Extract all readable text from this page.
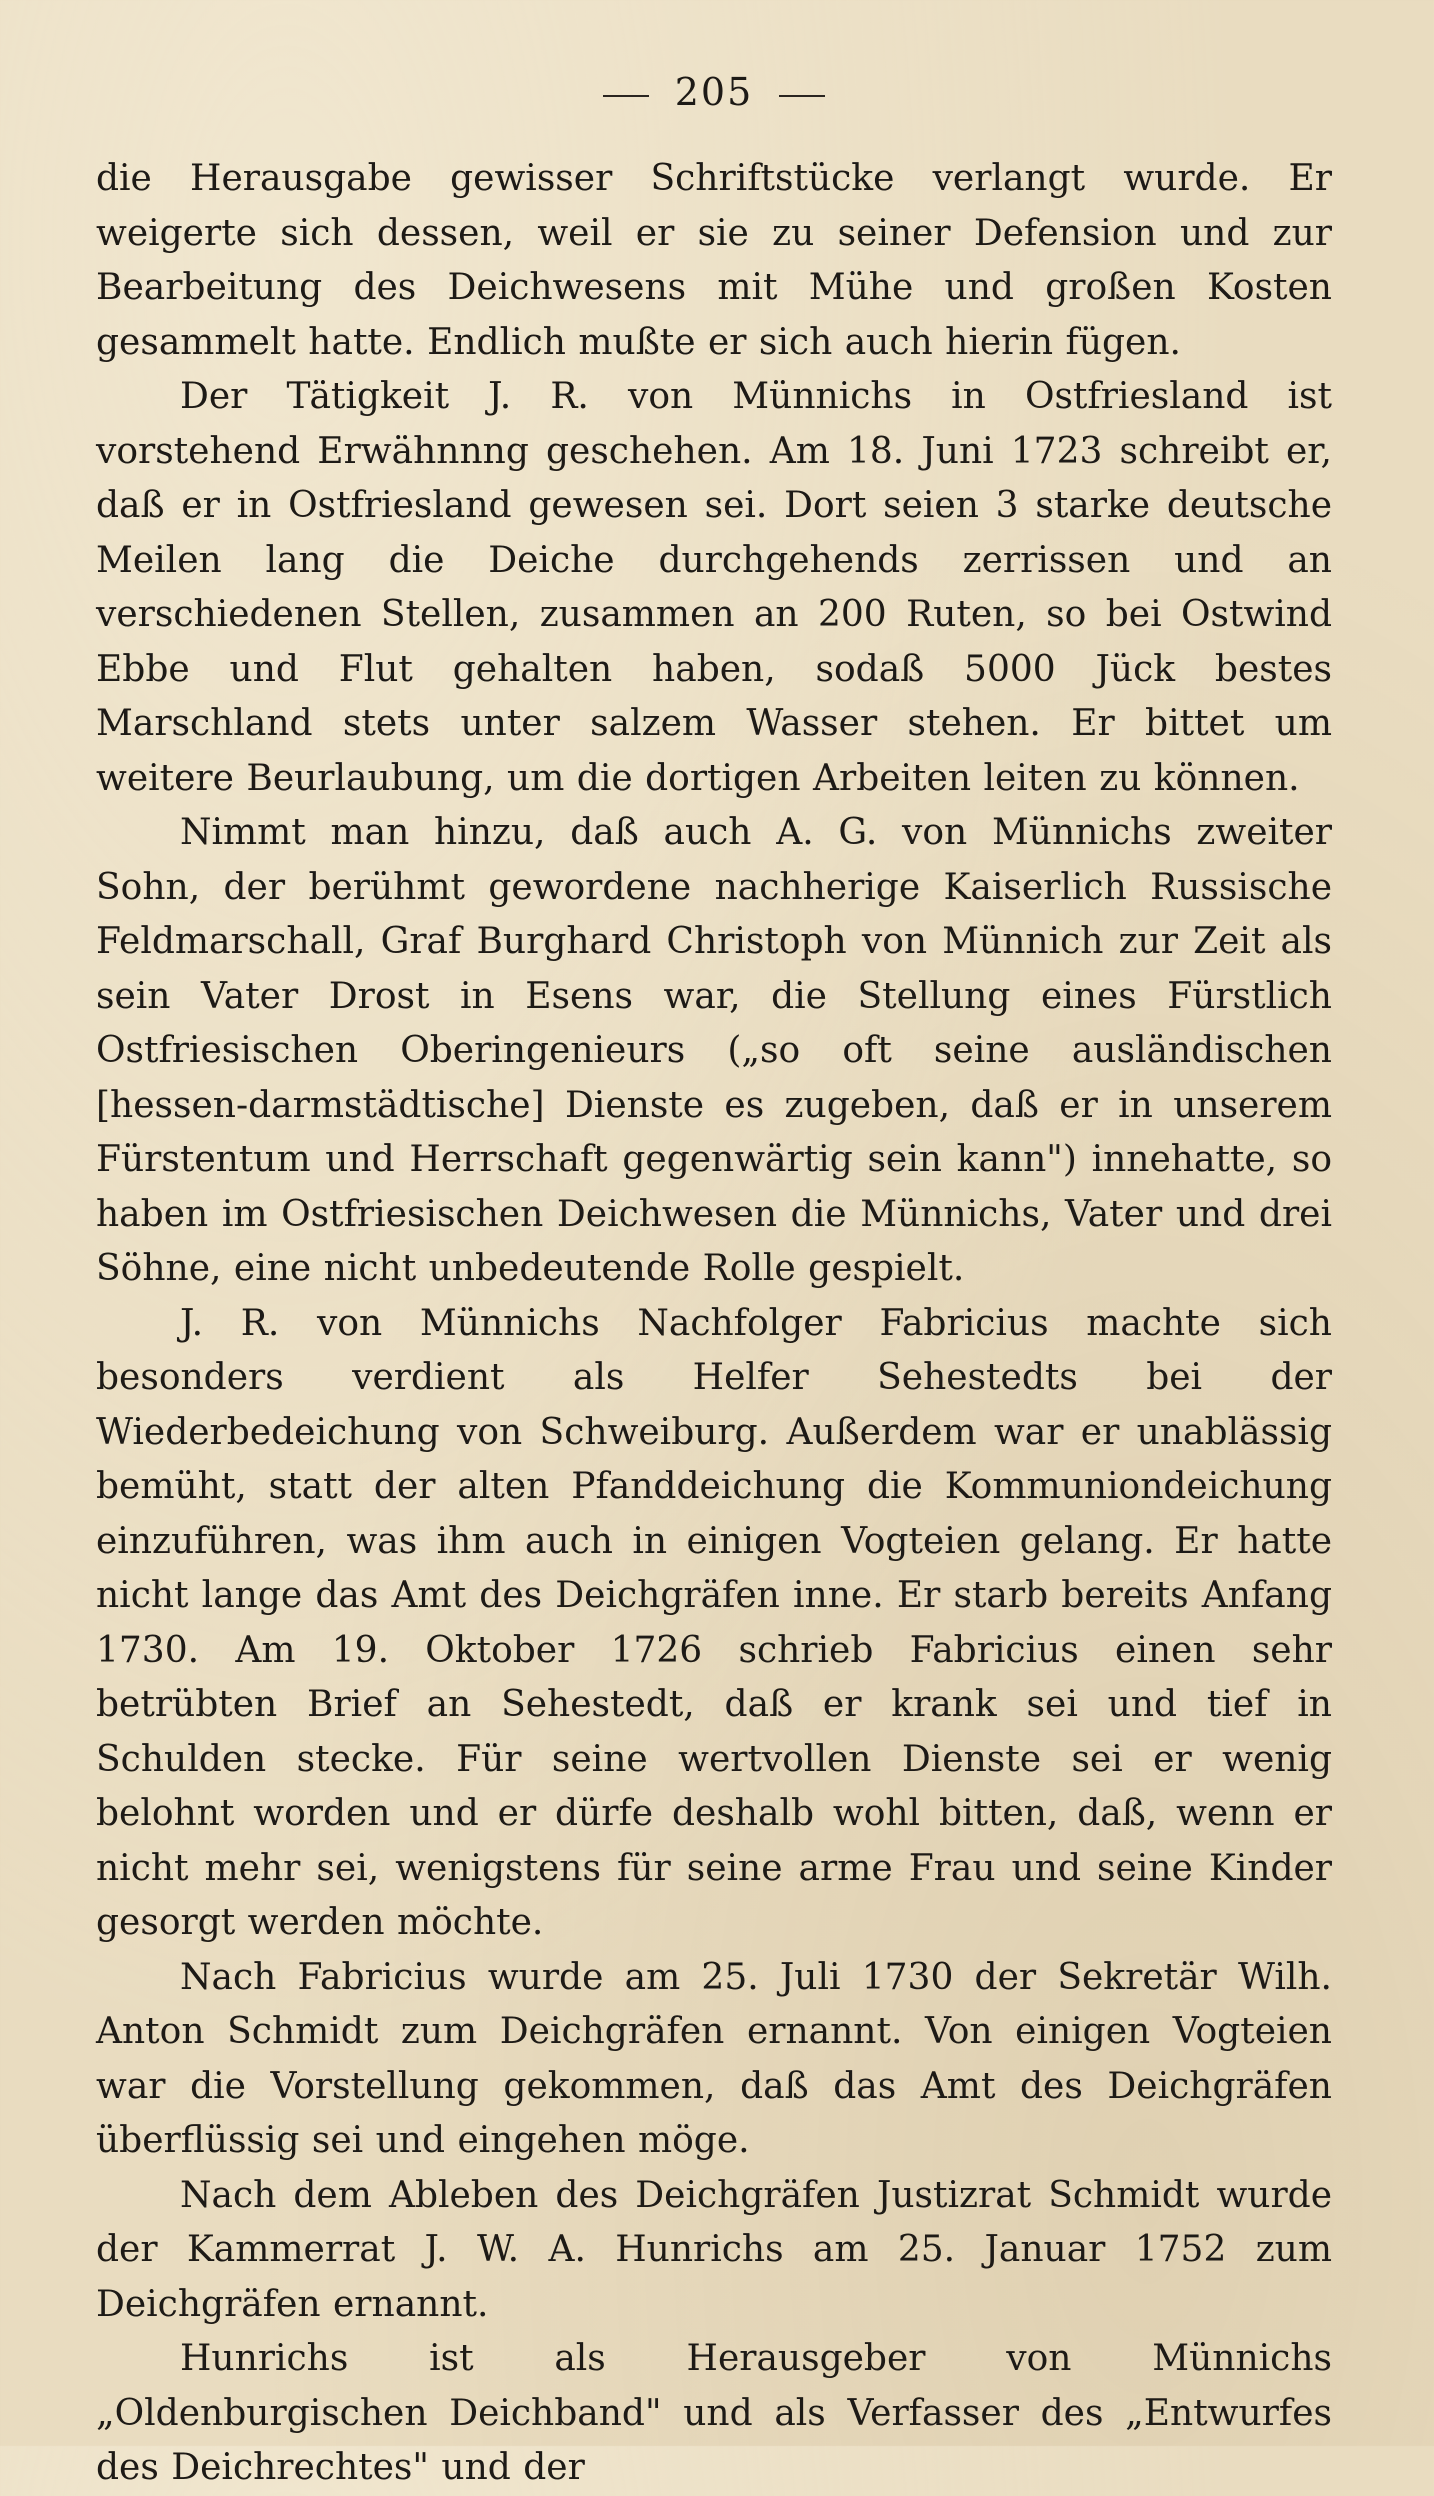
205

die Herausgabe gewisser Schriftstücke verlangt wurde. Er weigerte sich dessen, weil er sie zu seiner Defension und zur Bearbeitung des Deichwesens mit Mühe und großen Kosten gesammelt hatte. Endlich mußte er sich auch hierin fügen.

Der Tätigkeit J. R. von Münnichs in Ostfriesland ist vorstehend Erwähnnng geschehen. Am 18. Juni 1723 schreibt er, daß er in Ostfriesland gewesen sei. Dort seien 3 starke deutsche Meilen lang die Deiche durchgehends zerrissen und an verschiedenen Stellen, zusammen an 200 Ruten, so bei Ostwind Ebbe und Flut gehalten haben, sodaß 5000 Jück bestes Marschland stets unter salzem Wasser stehen. Er bittet um weitere Beurlaubung, um die dortigen Arbeiten leiten zu können.

Nimmt man hinzu, daß auch A. G. von Münnichs zweiter Sohn, der berühmt gewordene nachherige Kaiserlich Russische Feldmarschall, Graf Burghard Christoph von Münnich zur Zeit als sein Vater Drost in Esens war, die Stellung eines Fürstlich Ostfriesischen Oberingenieurs („so oft seine ausländischen [hessen-darmstädtische] Dienste es zugeben, daß er in unserem Fürstentum und Herrschaft gegenwärtig sein kann") innehatte, so haben im Ostfriesischen Deichwesen die Münnichs, Vater und drei Söhne, eine nicht unbedeutende Rolle gespielt.

J. R. von Münnichs Nachfolger Fabricius machte sich besonders verdient als Helfer Sehestedts bei der Wiederbedeichung von Schweiburg. Außerdem war er unablässig bemüht, statt der alten Pfanddeichung die Kommuniondeichung einzuführen, was ihm auch in einigen Vogteien gelang. Er hatte nicht lange das Amt des Deichgräfen inne. Er starb bereits Anfang 1730. Am 19. Oktober 1726 schrieb Fabricius einen sehr betrübten Brief an Sehestedt, daß er krank sei und tief in Schulden stecke. Für seine wertvollen Dienste sei er wenig belohnt worden und er dürfe deshalb wohl bitten, daß, wenn er nicht mehr sei, wenigstens für seine arme Frau und seine Kinder gesorgt werden möchte.

Nach Fabricius wurde am 25. Juli 1730 der Sekretär Wilh. Anton Schmidt zum Deichgräfen ernannt. Von einigen Vogteien war die Vorstellung gekommen, daß das Amt des Deichgräfen überflüssig sei und eingehen möge.

Nach dem Ableben des Deichgräfen Justizrat Schmidt wurde der Kammerrat J. W. A. Hunrichs am 25. Januar 1752 zum Deichgräfen ernannt.

Hunrichs ist als Herausgeber von Münnichs „Oldenburgischen Deichband" und als Verfasser des „Entwurfes des Deichrechtes" und der
